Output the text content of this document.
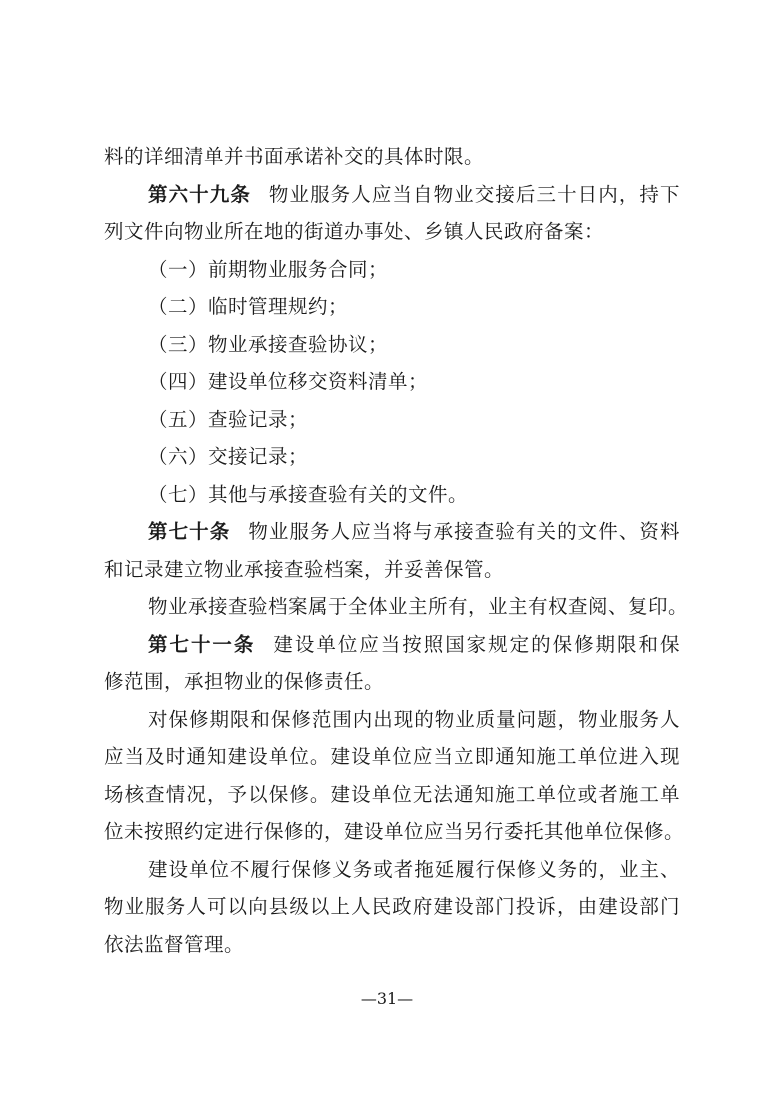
料的详细清单并书面承诺补交的具体时限。
第六十九条 物业服务人应当自物业交接后三十日内，持下
列文件向物业所在地的街道办事处、乡镇人民政府备案：
（一）前期物业服务合同；
（二）临时管理规约；
（三）物业承接查验协议；
（四）建设单位移交资料清单；
（五）查验记录；
（六）交接记录；
（七）其他与承接查验有关的文件。
第七十条 物业服务人应当将与承接查验有关的文件、资料
和记录建立物业承接查验档案，并妥善保管。
物业承接查验档案属于全体业主所有，业主有权查阅、复印。
第七十一条 建设单位应当按照国家规定的保修期限和保
修范围，承担物业的保修责任。
对保修期限和保修范围内出现的物业质量问题，物业服务人
应当及时通知建设单位。建设单位应当立即通知施工单位进入现
场核查情况，予以保修。建设单位无法通知施工单位或者施工单
位未按照约定进行保修的，建设单位应当另行委托其他单位保修。
建设单位不履行保修义务或者拖延履行保修义务的，业主、
物业服务人可以向县级以上人民政府建设部门投诉，由建设部门
依法监督管理。
—31—
